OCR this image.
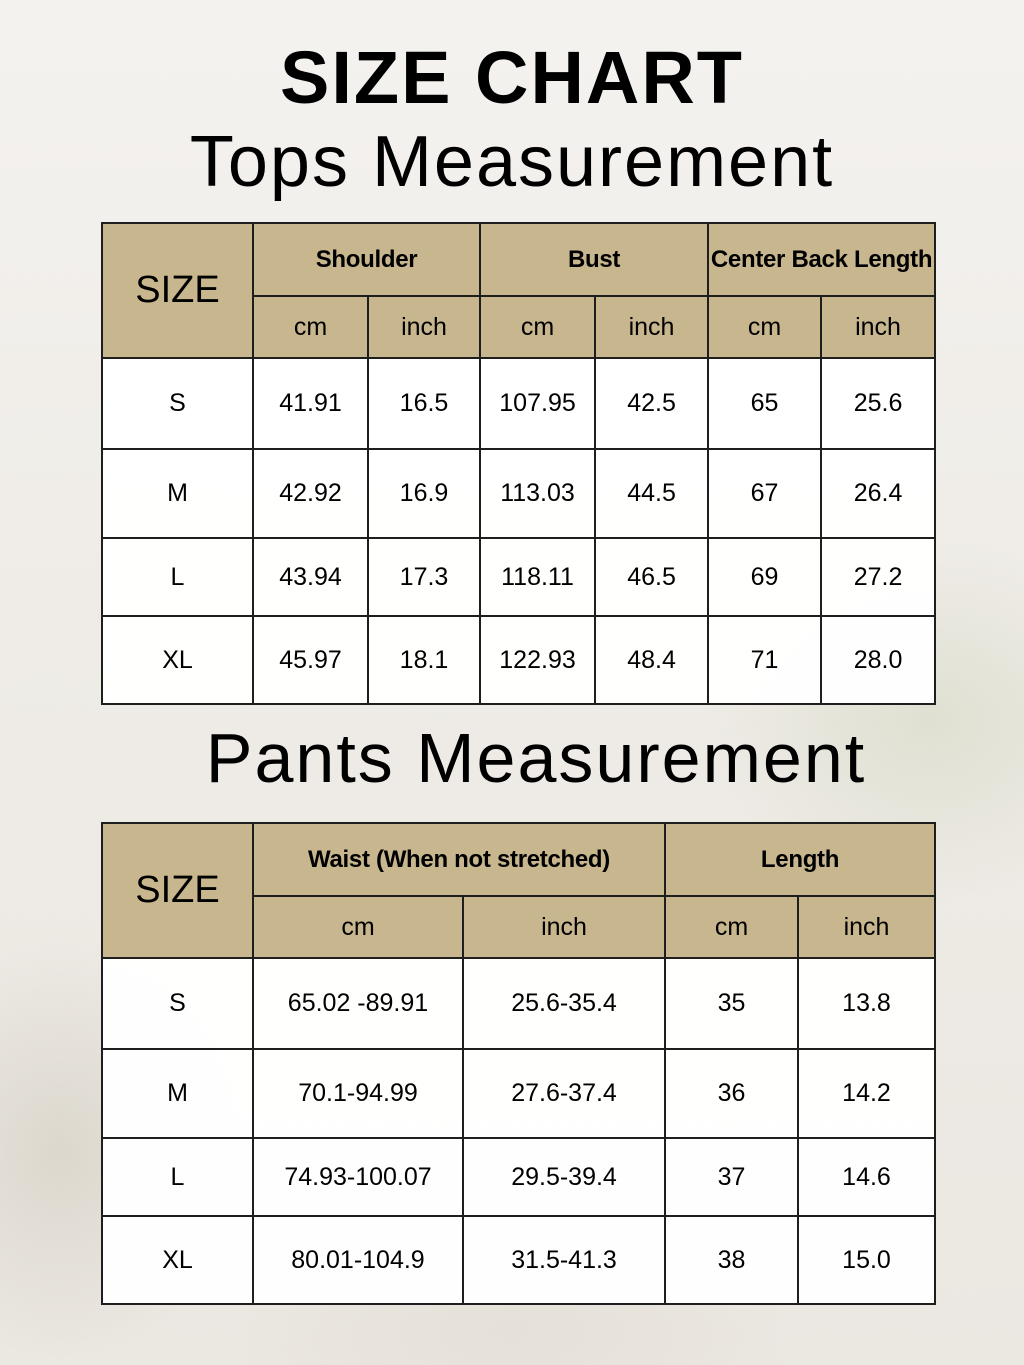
SIZE CHART
Tops Measurement
SIZE	Shoulder		Bust		Center Back Length	
	cm	inch	cm	inch	cm	inch
S	41.91	16.5	107.95	42.5	65	25.6
M	42.92	16.9	113.03	44.5	67	26.4
L	43.94	17.3	118.11	46.5	69	27.2
XL	45.97	18.1	122.93	48.4	71	28.0
Pants Measurement
SIZE	Waist (When not stretched)		Length	
	cm	inch	cm	inch
S	65.02 -89.91	25.6-35.4	35	13.8
M	70.1-94.99	27.6-37.4	36	14.2
L	74.93-100.07	29.5-39.4	37	14.6
XL	80.01-104.9	31.5-41.3	38	15.0
